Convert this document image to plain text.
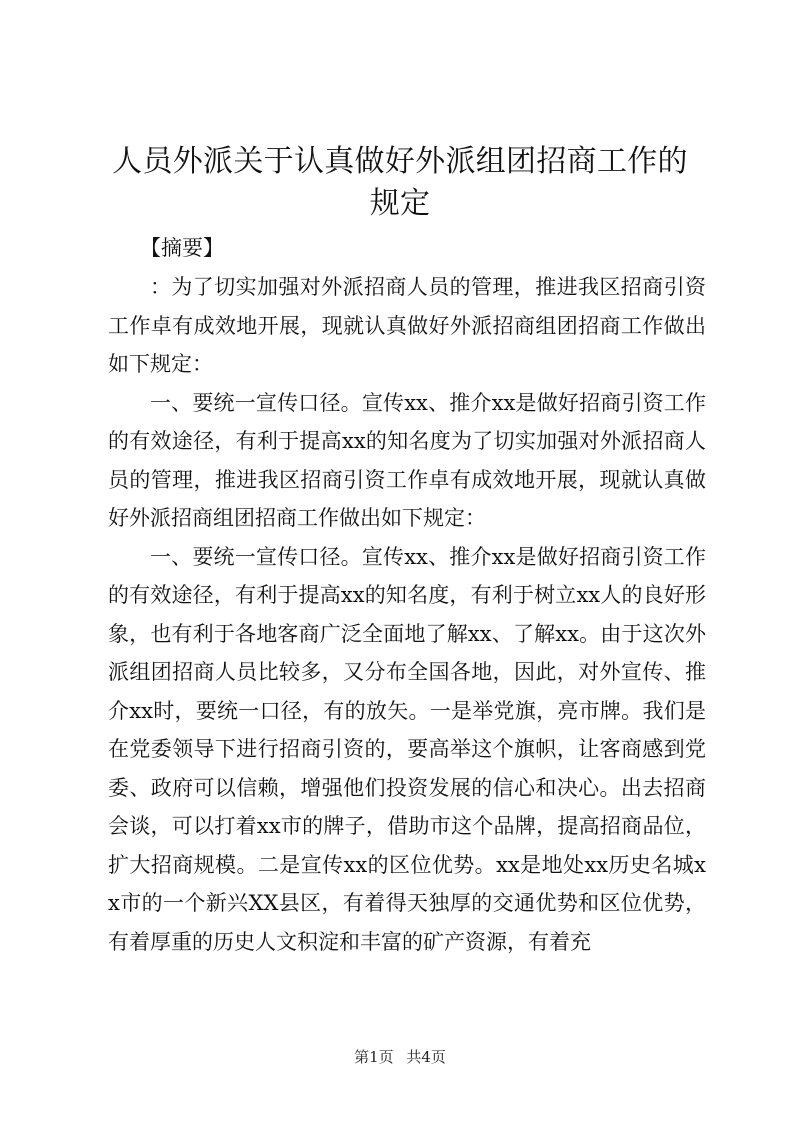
人员外派关于认真做好外派组团招商工作的规定
【摘要】

：为了切实加强对外派招商人员的管理，推进我区招商引资工作卓有成效地开展，现就认真做好外派招商组团招商工作做出如下规定：

一、要统一宣传口径。宣传xx、推介xx是做好招商引资工作的有效途径，有利于提高xx的知名度为了切实加强对外派招商人员的管理，推进我区招商引资工作卓有成效地开展，现就认真做好外派招商组团招商工作做出如下规定：

一、要统一宣传口径。宣传xx、推介xx是做好招商引资工作的有效途径，有利于提高xx的知名度，有利于树立xx人的良好形象，也有利于各地客商广泛全面地了解xx、了解xx。由于这次外派组团招商人员比较多，又分布全国各地，因此，对外宣传、推介xx时，要统一口径，有的放矢。一是举党旗，亮市牌。我们是在党委领导下进行招商引资的，要高举这个旗帜，让客商感到党委、政府可以信赖，增强他们投资发展的信心和决心。出去招商会谈，可以打着xx市的牌子，借助市这个品牌，提高招商品位，扩大招商规模。二是宣传xx的区位优势。xx是地处xx历史名城xx市的一个新兴XX县区，有着得天独厚的交通优势和区位优势，有着厚重的历史人文积淀和丰富的矿产资源，有着充

第1页 共4页
